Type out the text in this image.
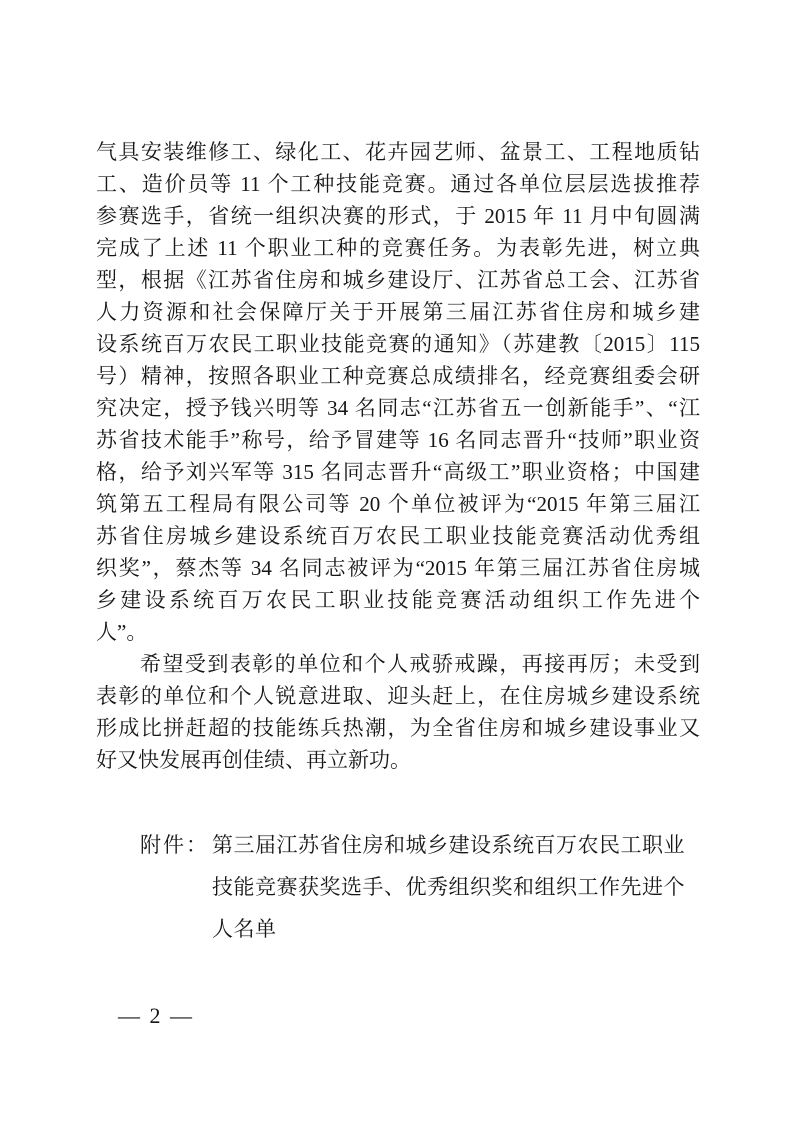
气具安装维修工、绿化工、花卉园艺师、盆景工、工程地质钻
工、造价员等 11 个工种技能竞赛。通过各单位层层选拔推荐
参赛选手，省统一组织决赛的形式，于 2015 年 11 月中旬圆满
完成了上述 11 个职业工种的竞赛任务。为表彰先进，树立典
型，根据《江苏省住房和城乡建设厅、江苏省总工会、江苏省
人力资源和社会保障厅关于开展第三届江苏省住房和城乡建
设系统百万农民工职业技能竞赛的通知》（苏建教〔2015〕115
号）精神，按照各职业工种竞赛总成绩排名，经竞赛组委会研
究决定，授予钱兴明等 34 名同志“江苏省五一创新能手”、“江
苏省技术能手”称号，给予冒建等 16 名同志晋升“技师”职业资
格，给予刘兴军等 315 名同志晋升“高级工”职业资格；中国建
筑第五工程局有限公司等 20 个单位被评为“2015 年第三届江
苏省住房城乡建设系统百万农民工职业技能竞赛活动优秀组
织奖”，蔡杰等 34 名同志被评为“2015 年第三届江苏省住房城
乡建设系统百万农民工职业技能竞赛活动组织工作先进个
人”。
希望受到表彰的单位和个人戒骄戒躁，再接再厉；未受到
表彰的单位和个人锐意进取、迎头赶上，在住房城乡建设系统
形成比拼赶超的技能练兵热潮，为全省住房和城乡建设事业又
好又快发展再创佳绩、再立新功。
附件： 第三届江苏省住房和城乡建设系统百万农民工职业
技能竞赛获奖选手、优秀组织奖和组织工作先进个
人名单
— 2 —
